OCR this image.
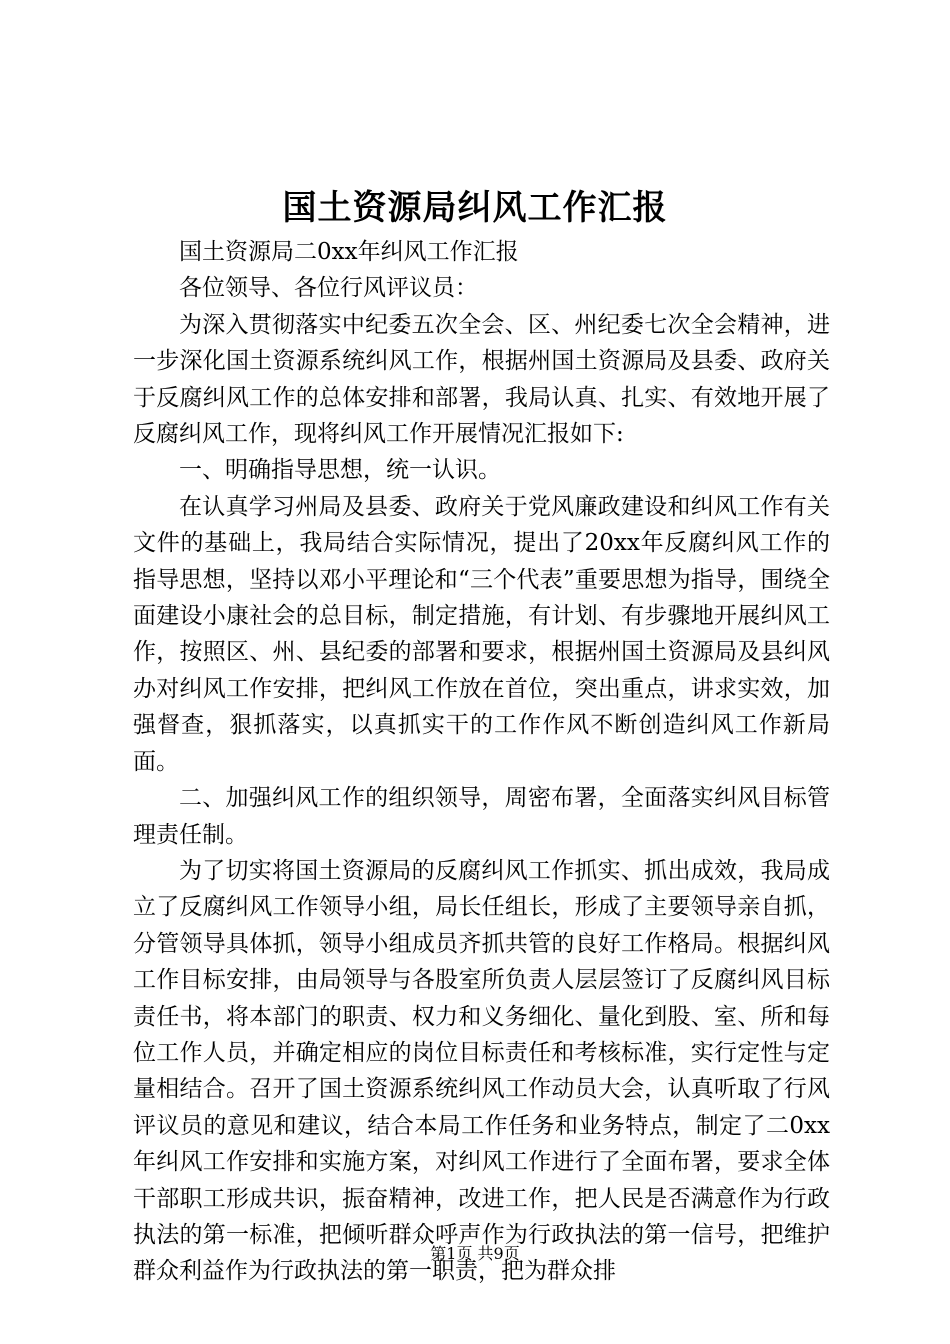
国土资源局纠风工作汇报

国土资源局二0xx年纠风工作汇报

各位领导、各位行风评议员：

为深入贯彻落实中纪委五次全会、区、州纪委七次全会精神，进一步深化国土资源系统纠风工作，根据州国土资源局及县委、政府关于反腐纠风工作的总体安排和部署，我局认真、扎实、有效地开展了反腐纠风工作，现将纠风工作开展情况汇报如下:

一、明确指导思想，统一认识。

在认真学习州局及县委、政府关于党风廉政建设和纠风工作有关文件的基础上，我局结合实际情况，提出了20xx年反腐纠风工作的指导思想，坚持以邓小平理论和“三个代表”重要思想为指导，围绕全面建设小康社会的总目标，制定措施，有计划、有步骤地开展纠风工作，按照区、州、县纪委的部署和要求，根据州国土资源局及县纠风办对纠风工作安排，把纠风工作放在首位，突出重点，讲求实效，加强督查，狠抓落实，以真抓实干的工作作风不断创造纠风工作新局面。

二、加强纠风工作的组织领导，周密布署，全面落实纠风目标管理责任制。

为了切实将国土资源局的反腐纠风工作抓实、抓出成效，我局成立了反腐纠风工作领导小组，局长任组长，形成了主要领导亲自抓，分管领导具体抓，领导小组成员齐抓共管的良好工作格局。根据纠风工作目标安排，由局领导与各股室所负责人层层签订了反腐纠风目标责任书，将本部门的职责、权力和义务细化、量化到股、室、所和每位工作人员，并确定相应的岗位目标责任和考核标准，实行定性与定量相结合。召开了国土资源系统纠风工作动员大会，认真听取了行风评议员的意见和建议，结合本局工作任务和业务特点，制定了二0xx年纠风工作安排和实施方案，对纠风工作进行了全面布署，要求全体干部职工形成共识，振奋精神，改进工作，把人民是否满意作为行政执法的第一标准，把倾听群众呼声作为行政执法的第一信号，把维护群众利益作为行政执法的第一职责，把为群众排

第1页 共9页
